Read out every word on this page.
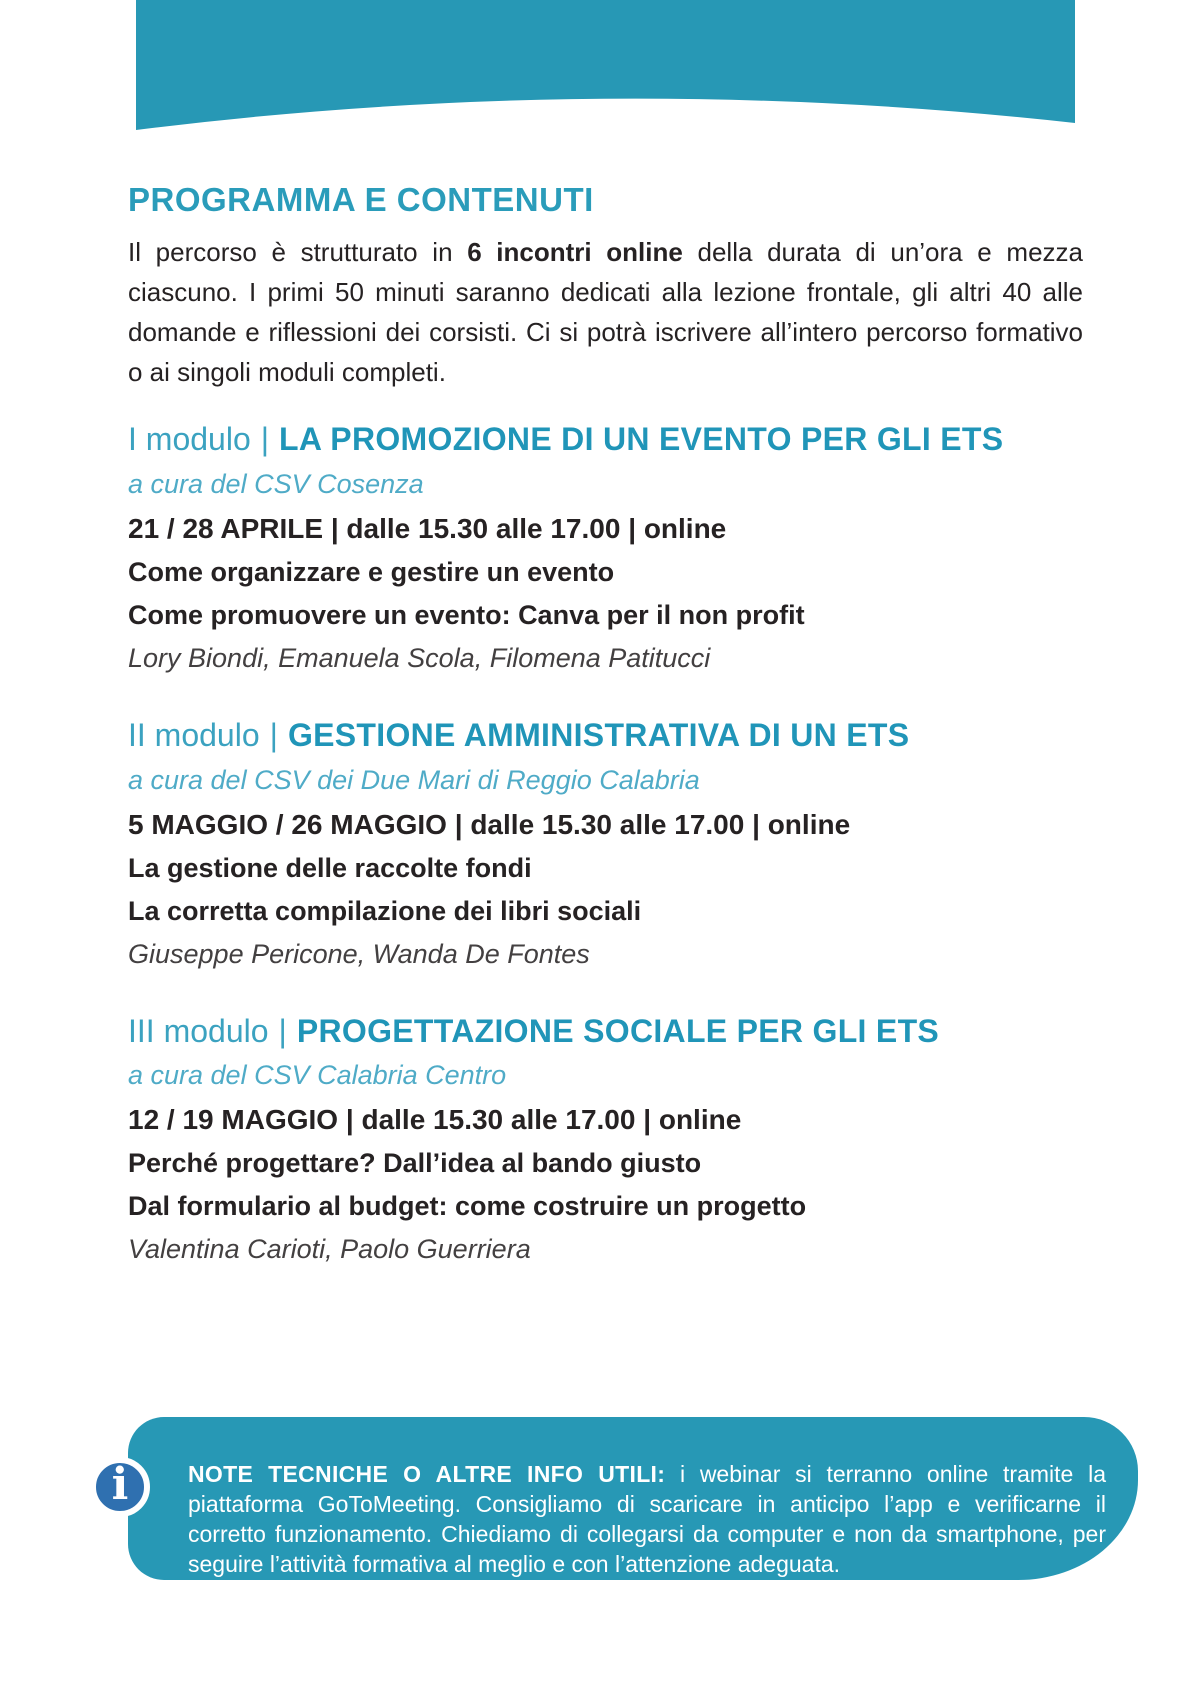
PROGRAMMA E CONTENUTI

Il percorso è strutturato in 6 incontri online della durata di un’ora e mezza ciascuno. I primi 50 minuti saranno dedicati alla lezione frontale, gli altri 40 alle domande e riflessioni dei corsisti. Ci si potrà iscrivere all’intero percorso formativo o ai singoli moduli completi.

I modulo | LA PROMOZIONE DI UN EVENTO PER GLI ETS
a cura del CSV Cosenza
21 / 28 APRILE | dalle 15.30 alle 17.00 | online
Come organizzare e gestire un evento
Come promuovere un evento: Canva per il non profit
Lory Biondi, Emanuela Scola, Filomena Patitucci
II modulo | GESTIONE AMMINISTRATIVA DI UN ETS
a cura del CSV dei Due Mari di Reggio Calabria
5 MAGGIO / 26 MAGGIO | dalle 15.30 alle 17.00 | online
La gestione delle raccolte fondi
La corretta compilazione dei libri sociali
Giuseppe Pericone, Wanda De Fontes
III modulo | PROGETTAZIONE SOCIALE PER GLI ETS
a cura del CSV Calabria Centro
12 / 19 MAGGIO | dalle 15.30 alle 17.00 | online
Perché progettare? Dall’idea al bando giusto
Dal formulario al budget: come costruire un progetto
Valentina Carioti, Paolo Guerriera

NOTE TECNICHE O ALTRE INFO UTILI: i webinar si terranno online tramite la piattaforma GoToMeeting. Consigliamo di scaricare in anticipo l’app e verificarne il corretto funzionamento. Chiediamo di collegarsi da computer e non da smartphone, per seguire l’attività formativa al meglio e con l’attenzione adeguata.

i
